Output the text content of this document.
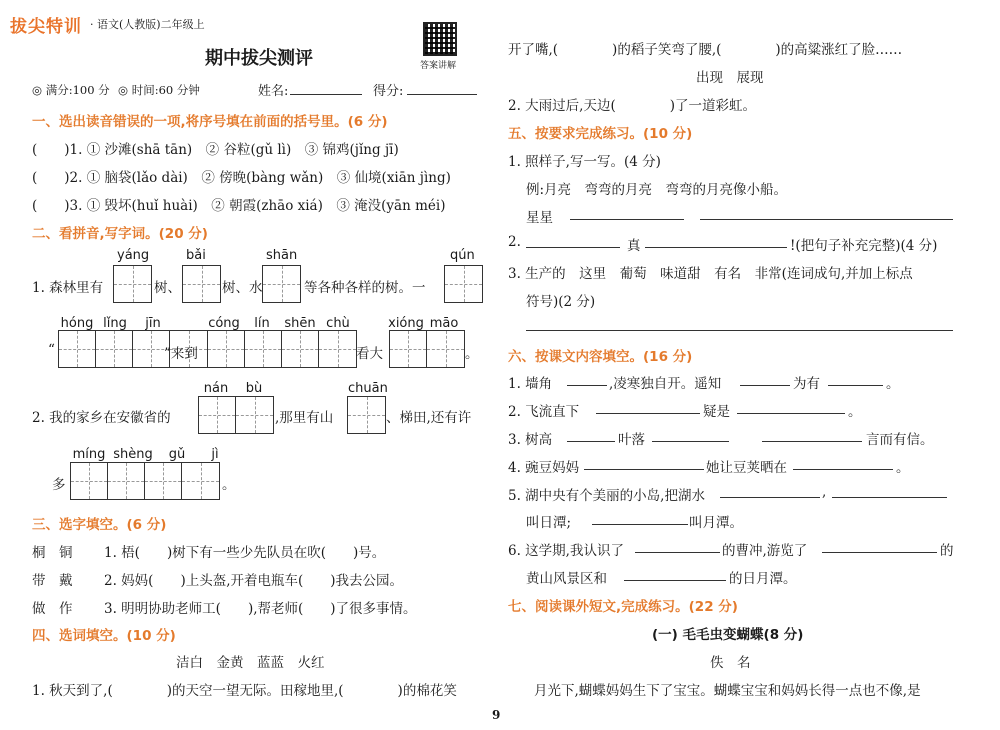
拔尖特训 · 语文(人教版)二年级上
期中拔尖测评	答案讲解
◎ 满分:100 分 ◎ 时间:60 分钟	姓名:	得分:
一、选出读音错误的一项,将序号填在前面的括号里。(6 分)
(　　)1. ① 沙滩(shā tān)　② 谷粒(gǔ lì)　③ 锦鸡(jǐng jī)
(　　)2. ① 脑袋(lǎo dài)　② 傍晚(bàng wǎn)　③ 仙境(xiān jìng)
(　　)3. ① 毁坏(huǐ huài)　② 朝霞(zhāo xiá)　③ 淹没(yān méi)
二、看拼音,写字词。(20 分)
yáng	bǎi	shān	qún
1. 森林里有	树、	树、水	等各种各样的树。一
hóng lǐng	jīn	cóng	lín	shēn chù	xióng māo
“	”来到	看大	。
nán	bù	chuān
2. 我的家乡在安徽省的	,那里有山	、梯田,还有许
míng shèng	gǔ	jì
多	。
三、选字填空。(6 分)
桐　铜 1. 梧(　　)树下有一些少先队员在吹(　　)号。
带　戴 2. 妈妈(　　)上头盔,开着电瓶车(　　)我去公园。
做　作 3. 明明协助老师工(　　),帮老师(　　)了很多事情。
四、选词填空。(10 分)
洁白　金黄　蓝蓝　火红
1. 秋天到了,(　　　　)的天空一望无际。田稼地里,(　　　　)的棉花笑
开了嘴,(　　　　)的稻子笑弯了腰,(　　　　)的高粱涨红了脸……
出现　展现
2. 大雨过后,天边(　　　　)了一道彩虹。
五、按要求完成练习。(10 分)
1. 照样子,写一写。(4 分)
例:月亮　弯弯的月亮　弯弯的月亮像小船。
星星
2.	真	!(把句子补充完整)(4 分)
3. 生产的　这里　葡萄　味道甜　有名　非常(连词成句,并加上标点
符号)(2 分)
六、按课文内容填空。(16 分)
1. 墙角	,凌寒独自开。遥知	为有	。
2. 飞流直下	疑是	。
3. 树高	叶落	言而有信。
4. 豌豆妈妈	她让豆荚晒在	。
5. 湖中央有个美丽的小岛,把湖水	,
叫日潭;	叫月潭。
6. 这学期,我认识了	的曹冲,游览了	的
黄山风景区和	的日月潭。
七、阅读课外短文,完成练习。(22 分)
(一) 毛毛虫变蝴蝶(8 分)
佚　名
月光下,蝴蝶妈妈生下了宝宝。蝴蝶宝宝和妈妈长得一点也不像,是
9
